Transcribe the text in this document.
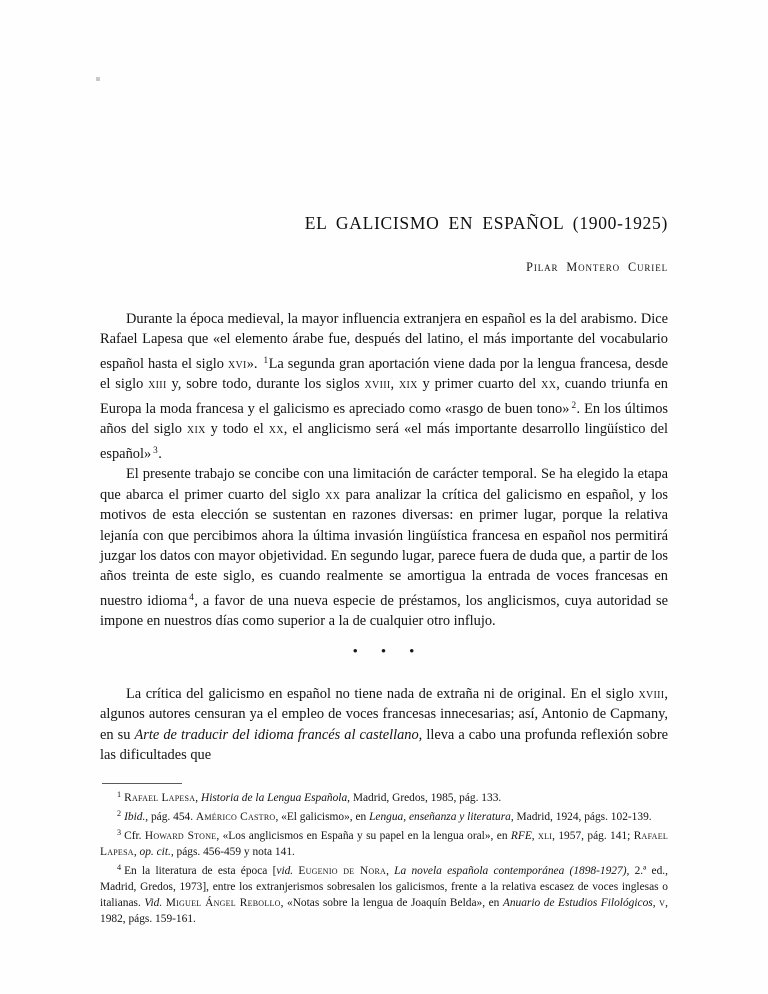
EL GALICISMO EN ESPAÑOL (1900-1925)
Pilar Montero Curiel

Durante la época medieval, la mayor influencia extranjera en español es la del arabismo. Dice Rafael Lapesa que «el elemento árabe fue, después del latino, el más importante del vocabulario español hasta el siglo xvi». $^1$La segunda gran aportación viene dada por la lengua francesa, desde el siglo xiii y, sobre todo, durante los siglos xviii, xix y primer cuarto del xx, cuando triunfa en Europa la moda francesa y el galicismo es apreciado como «rasgo de buen tono» $^2$. En los últimos años del siglo xix y todo el xx, el anglicismo será «el más importante desarrollo lingüístico del español» $^3$.

El presente trabajo se concibe con una limitación de carácter temporal. Se ha elegido la etapa que abarca el primer cuarto del siglo xx para analizar la crítica del galicismo en español, y los motivos de esta elección se sustentan en razones diversas: en primer lugar, porque la relativa lejanía con que percibimos ahora la última invasión lingüística francesa en español nos permitirá juzgar los datos con mayor objetividad. En segundo lugar, parece fuera de duda que, a partir de los años treinta de este siglo, es cuando realmente se amortigua la entrada de voces francesas en nuestro idioma $^4$, a favor de una nueva especie de préstamos, los anglicismos, cuya autoridad se impone en nuestros días como superior a la de cualquier otro influjo.

• • •

La crítica del galicismo en español no tiene nada de extraña ni de original. En el siglo xviii, algunos autores censuran ya el empleo de voces francesas innecesarias; así, Antonio de Capmany, en su Arte de traducir del idioma francés al castellano, lleva a cabo una profunda reflexión sobre las dificultades que

$^1$ Rafael Lapesa, Historia de la Lengua Española, Madrid, Gredos, 1985, pág. 133.

$^2$ Ibid., pág. 454. Américo Castro, «El galicismo», en Lengua, enseñanza y literatura, Madrid, 1924, págs. 102-139.

$^3$ Cfr. Howard Stone, «Los anglicismos en España y su papel en la lengua oral», en RFE, xli, 1957, pág. 141; Rafael Lapesa, op. cit., págs. 456-459 y nota 141.

$^4$ En la literatura de esta época [vid. Eugenio de Nora, La novela española contemporánea (1898-1927), 2.ª ed., Madrid, Gredos, 1973], entre los extranjerismos sobresalen los galicismos, frente a la relativa escasez de voces inglesas o italianas. Vid. Miguel Ángel Rebollo, «Notas sobre la lengua de Joaquín Belda», en Anuario de Estudios Filológicos, v, 1982, págs. 159-161.
